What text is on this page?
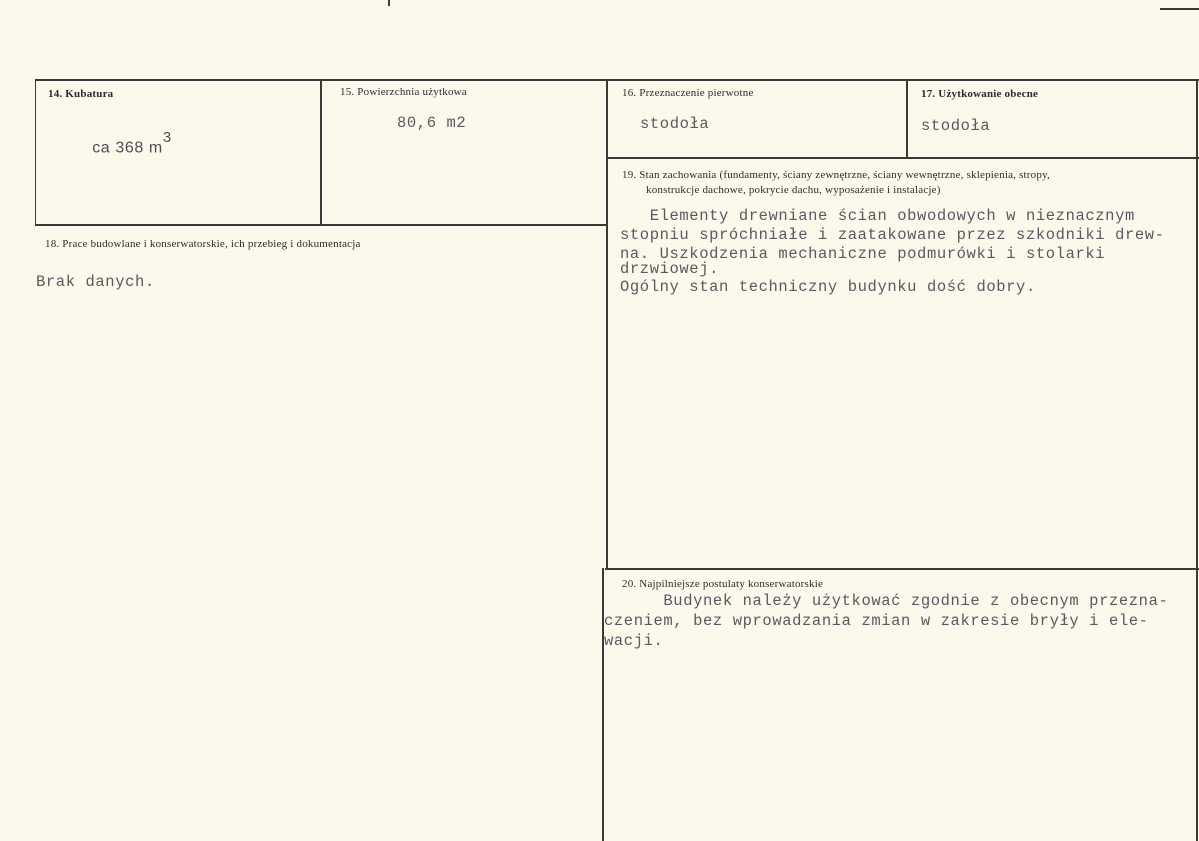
14. Kubatura

ca 368 $m^3$

15. Powierzchnia użytkowa
80,6 m2
16. Przeznaczenie pierwotne
stodoła
17. Użytkowanie obecne
stodoła
18. Prace budowlane i konserwatorskie, ich przebieg i dokumentacja
Brak danych.
19. Stan zachowania (fundamenty, ściany zewnętrzne, ściany wewnętrzne, sklepienia, stropy,
konstrukcje dachowe, pokrycie dachu, wyposażenie i instalacje)
Elementy drewniane ścian obwodowych w nieznacznym
stopniu spróchniałe i zaatakowane przez szkodniki drew-
na. Uszkodzenia mechaniczne podmurówki i stolarki
drzwiowej.
Ogólny stan techniczny budynku dość dobry.
20. Najpilniejsze postulaty konserwatorskie
Budynek należy użytkować zgodnie z obecnym przezna-
czeniem, bez wprowadzania zmian w zakresie bryły i ele-
wacji.
